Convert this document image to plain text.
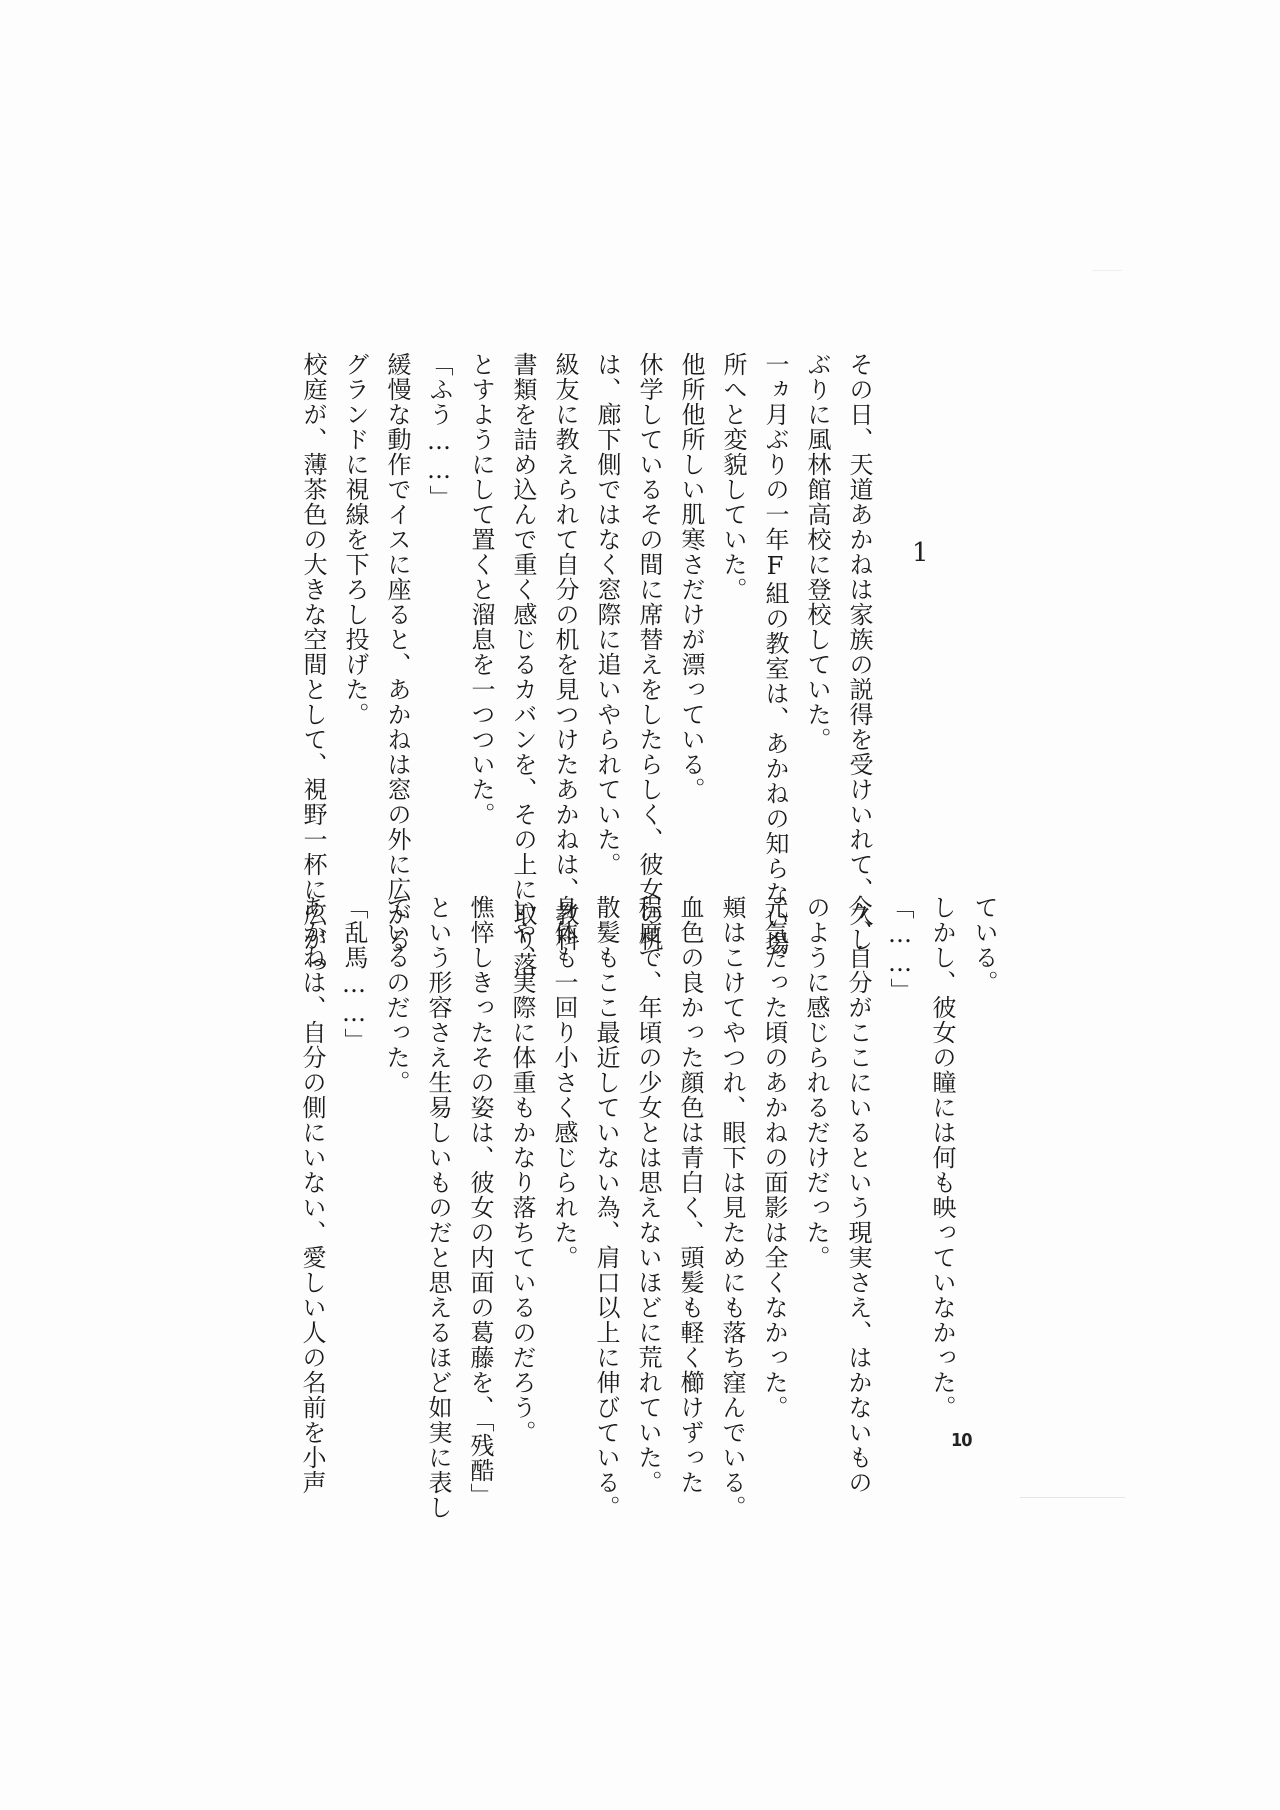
1

その日、天道あかねは家族の説得を受けいれて、久し

ぶりに風林館高校に登校していた。

一ヵ月ぶりの一年F組の教室は、あかねの知らない場

所へと変貌していた。

他所他所しい肌寒さだけが漂っている。

休学しているその間に席替えをしたらしく、彼女の机

は、廊下側ではなく窓際に追いやられていた。

級友に教えられて自分の机を見つけたあかねは、教科

書類を詰め込んで重く感じるカバンを、その上に取り落

とすようにして置くと溜息を一つついた。

「ふう……」

緩慢な動作でイスに座ると、あかねは窓の外に広がる

グランドに視線を下ろし投げた。

校庭が、薄茶色の大きな空間として、視野一杯に広がっ	ている。

しかし、彼女の瞳には何も映っていなかった。

「……」

今、自分がここにいるという現実さえ、はかないもの

のように感じられるだけだった。

元気だった頃のあかねの面影は全くなかった。

頬はこけてやつれ、眼下は見ためにも落ち窪んでいる。

血色の良かった顔色は青白く、頭髪も軽く櫛けずった

程度で、年頃の少女とは思えないほどに荒れていた。

散髪もここ最近していない為、肩口以上に伸びている。

身体も一回り小さく感じられた。

いや、実際に体重もかなり落ちているのだろう。

憔悴しきったその姿は、彼女の内面の葛藤を、「残酷」

という形容さえ生易しいものだと思えるほど如実に表し

ているのだった。

「乱馬……」

あかねは、自分の側にいない、愛しい人の名前を小声	10
